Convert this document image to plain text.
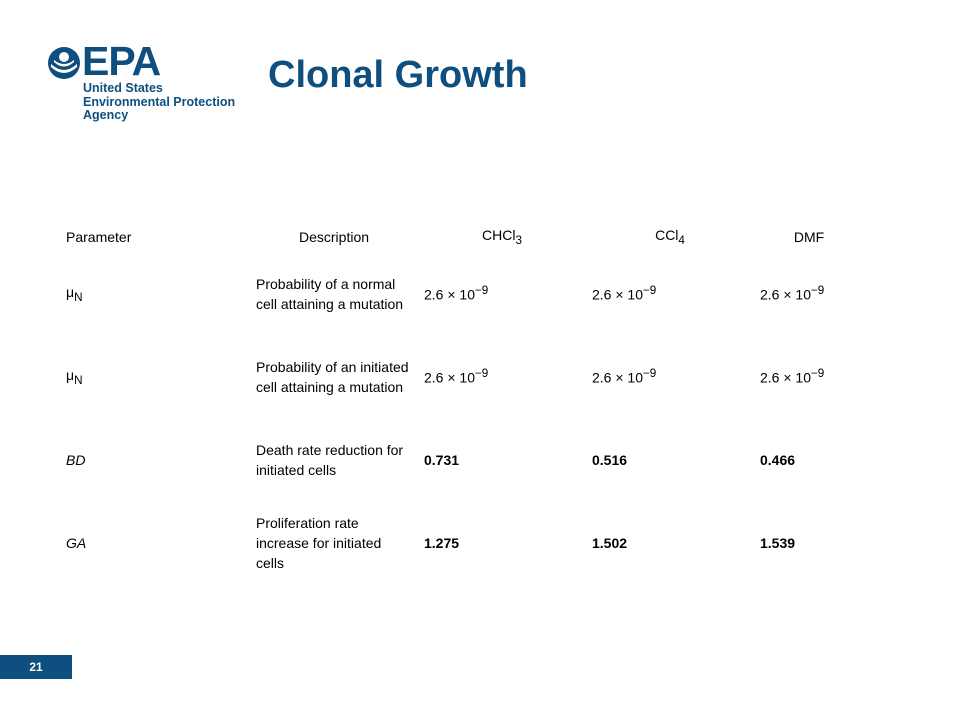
EPA
United States
Environmental Protection
Agency
Clonal Growth
Parameter	Description	CHCl$_3$	CCl$_4$	DMF
$\mu_N$	Probability of a normal cell attaining a mutation	$2.6 \times 10^{-9}$	$2.6 \times 10^{-9}$	$2.6 \times 10^{-9}$
$\mu_N$	Probability of an initiated cell attaining a mutation	$2.6 \times 10^{-9}$	$2.6 \times 10^{-9}$	$2.6 \times 10^{-9}$
BD	Death rate reduction for initiated cells	0.731	0.516	0.466
GA	Proliferation rate increase for initiated cells	1.275	1.502	1.539
21
